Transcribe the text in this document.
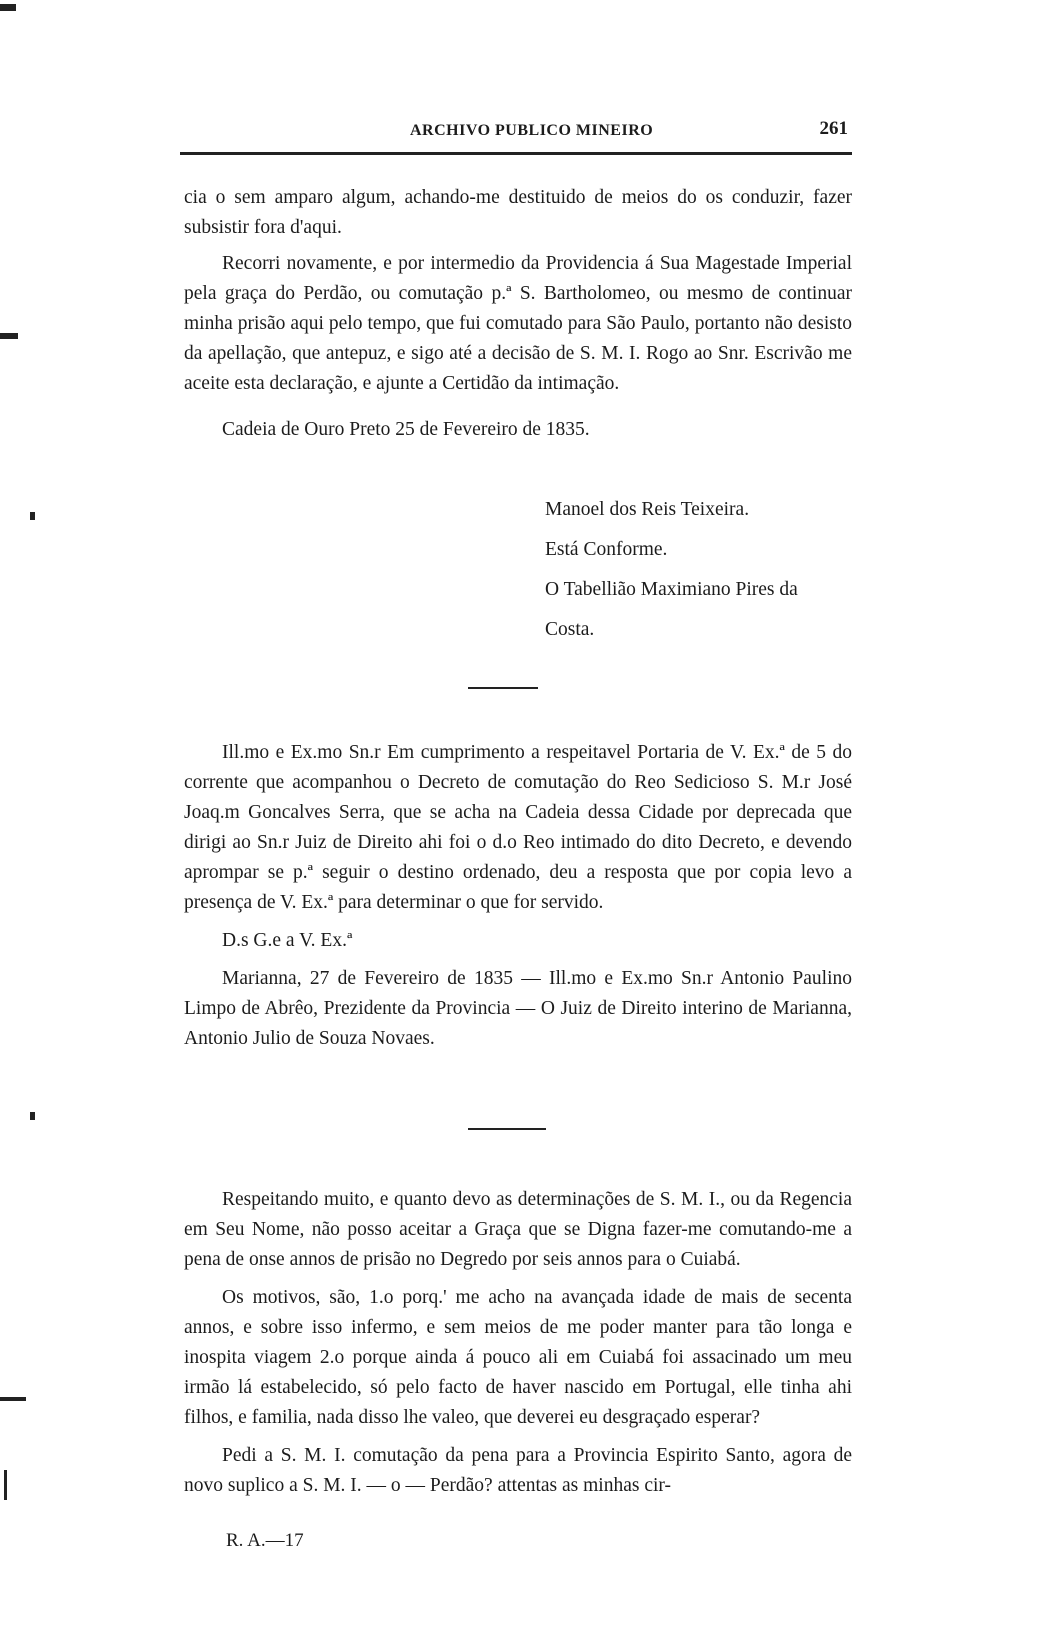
ARCHIVO PUBLICO MINEIRO	261

cia o sem amparo algum, achando-me destituido de meios do os conduzir, fazer subsistir fora d'aqui.

Recorri novamente, e por intermedio da Providencia á Sua Magestade Imperial pela graça do Perdão, ou comutação p.ª S. Bartholomeo, ou mesmo de continuar minha prisão aqui pelo tempo, que fui comutado para São Paulo, portanto não desisto da apellação, que antepuz, e sigo até a decisão de S. M. I. Rogo ao Snr. Escrivão me aceite esta declaração, e ajunte a Certidão da intimação.

Cadeia de Ouro Preto 25 de Fevereiro de 1835.

Manoel dos Reis Teixeira.
Está Conforme.
O Tabellião Maximiano Pires da
Costa.

Ill.mo e Ex.mo Sn.r Em cumprimento a respeitavel Portaria de V. Ex.ª de 5 do corrente que acompanhou o Decreto de comutação do Reo Sedicioso S. M.r José Joaq.m Goncalves Serra, que se acha na Cadeia dessa Cidade por deprecada que dirigi ao Sn.r Juiz de Direito ahi foi o d.o Reo intimado do dito Decreto, e devendo aprompar se p.ª seguir o destino ordenado, deu a resposta que por copia levo a presença de V. Ex.ª para determinar o que for servido.

D.s G.e a V. Ex.ª

Marianna, 27 de Fevereiro de 1835 — Ill.mo e Ex.mo Sn.r Antonio Paulino Limpo de Abrêo, Prezidente da Provincia — O Juiz de Direito interino de Marianna, Antonio Julio de Souza Novaes.

Respeitando muito, e quanto devo as determinações de S. M. I., ou da Regencia em Seu Nome, não posso aceitar a Graça que se Digna fazer-me comutando-me a pena de onse annos de prisão no Degredo por seis annos para o Cuiabá.

Os motivos, são, 1.o porq.' me acho na avançada idade de mais de secenta annos, e sobre isso infermo, e sem meios de me poder manter para tão longa e inospita viagem 2.o porque ainda á pouco ali em Cuiabá foi assacinado um meu irmão lá estabelecido, só pelo facto de haver nascido em Portugal, elle tinha ahi filhos, e familia, nada disso lhe valeo, que deverei eu desgraçado esperar?

Pedi a S. M. I. comutação da pena para a Provincia Espirito Santo, agora de novo suplico a S. M. I. — o — Perdão? attentas as minhas cir-

R. A.—17
